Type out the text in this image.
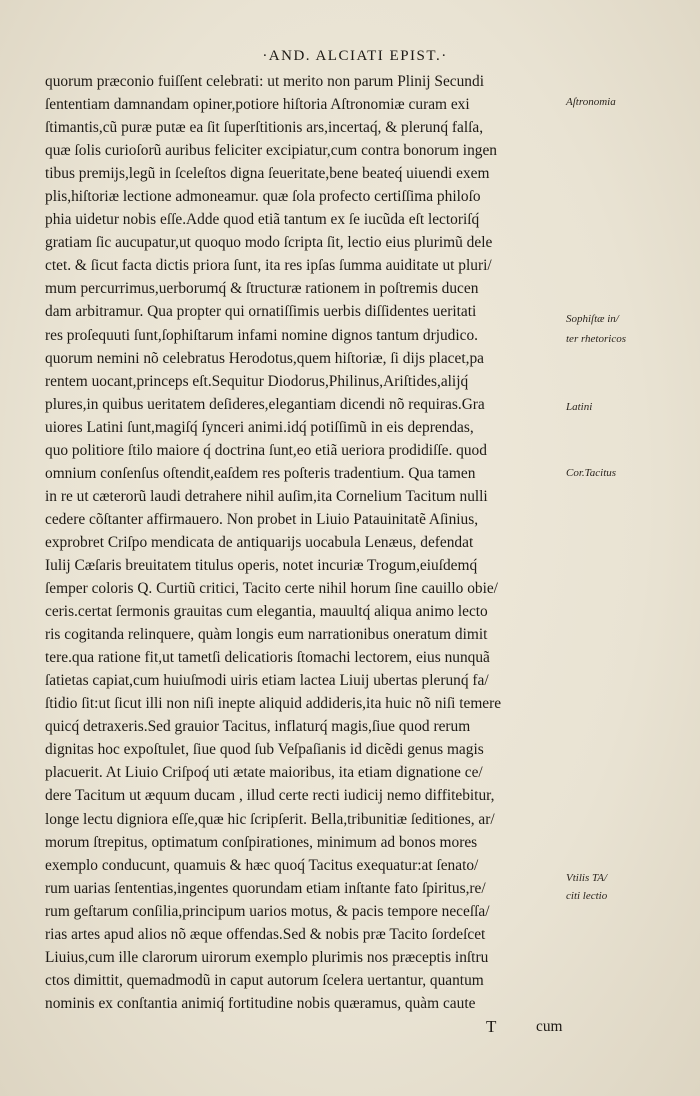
·AND. ALCIATI EPIST.·
quorum præconio fuiſſent celebrati: ut merito non parum Plinij Secundi
ſententiam damnandam opiner,potiore hiſtoria Aſtronomiæ curam exi
ſtimantis,cũ puræ putæ ea ſit ſuperſtitionis ars,incertaq́, & plerunq́ falſa,
quæ ſolis curioſorũ auribus feliciter excipiatur,cum contra bonorum ingen
tibus premijs,legũ in ſceleſtos digna ſeueritate,bene beateq́ uiuendi exem
plis,hiſtoriæ lectione admoneamur. quæ ſola profecto certiſſima philoſo
phia uidetur nobis eſſe.Adde quod etiã tantum ex ſe iucũda eſt lectoriſq́
gratiam ſic aucupatur,ut quoquo modo ſcripta ſit, lectio eius plurimũ dele
ctet. & ſicut facta dictis priora ſunt, ita res ipſas ſumma auiditate ut pluri/
mum percurrimus,uerborumq́ & ſtructuræ rationem in poſtremis ducen
dam arbitramur. Qua propter qui ornatiſſimis uerbis diſſidentes ueritati
res proſequuti ſunt,ſophiſtarum infami nomine dignos tantum drjudico.
quorum nemini nõ celebratus Herodotus,quem hiſtoriæ, ſi dijs placet,pa
rentem uocant,princeps eſt.Sequitur Diodorus,Philinus,Ariſtides,alijq́
plures,in quibus ueritatem deſideres,elegantiam dicendi nõ requiras.Gra
uiores Latini ſunt,magiſq́ ſynceri animi.idq́ potiſſimũ in eis deprendas,
quo politiore ſtilo maiore q́ doctrina ſunt,eo etiã ueriora prodidiſſe. quod
omnium conſenſus oſtendit,eaſdem res poſteris tradentium. Qua tamen
in re ut cæterorũ laudi detrahere nihil auſim,ita Cornelium Tacitum nulli
cedere cõſtanter affirmauero. Non probet in Liuio Patauinitatẽ Aſinius,
exprobret Criſpo mendicata de antiquarijs uocabula Lenæus, defendat
Iulij Cæſaris breuitatem titulus operis, notet incuriæ Trogum,eiuſdemq́
ſemper coloris Q. Curtiũ critici, Tacito certe nihil horum ſine cauillo obie/
ceris.certat ſermonis grauitas cum elegantia, mauultq́ aliqua animo lecto
ris cogitanda relinquere, quàm longis eum narrationibus oneratum dimit
tere.qua ratione fit,ut tametſi delicatioris ſtomachi lectorem, eius nunquã
ſatietas capiat,cum huiuſmodi uiris etiam lactea Liuij ubertas plerunq́ fa/
ſtidio ſit:ut ſicut illi non niſi inepte aliquid addideris,ita huic nõ niſi temere
quicq́ detraxeris.Sed grauior Tacitus, inflaturq́ magis,ſiue quod rerum
dignitas hoc expoſtulet, ſiue quod ſub Veſpaſianis id dicẽdi genus magis
placuerit. At Liuio Criſpoq́ uti ætate maioribus, ita etiam dignatione ce/
dere Tacitum ut æquum ducam , illud certe recti iudicij nemo diffitebitur,
longe lectu digniora eſſe,quæ hic ſcripſerit. Bella,tribunitiæ ſeditiones, ar/
morum ſtrepitus, optimatum conſpirationes, minimum ad bonos mores
exemplo conducunt, quamuis & hæc quoq́ Tacitus exequatur:at ſenato/
rum uarias ſententias,ingentes quorundam etiam inſtante fato ſpiritus,re/
rum geſtarum conſilia,principum uarios motus, & pacis tempore neceſſa/
rias artes apud alios nõ æque offendas.Sed & nobis præ Tacito ſordeſcet
Liuius,cum ille clarorum uirorum exemplo plurimis nos præceptis inſtru
ctos dimittit, quemadmodũ in caput autorum ſcelera uertantur, quantum
nominis ex conſtantia animiq́ fortitudine nobis quæramus, quàm caute
T	cum
Aſtronomia
Sophiſtæ in/
ter rhetoricos
Latini
Cor.Tacitus
Vtilis TA/
citi lectio
